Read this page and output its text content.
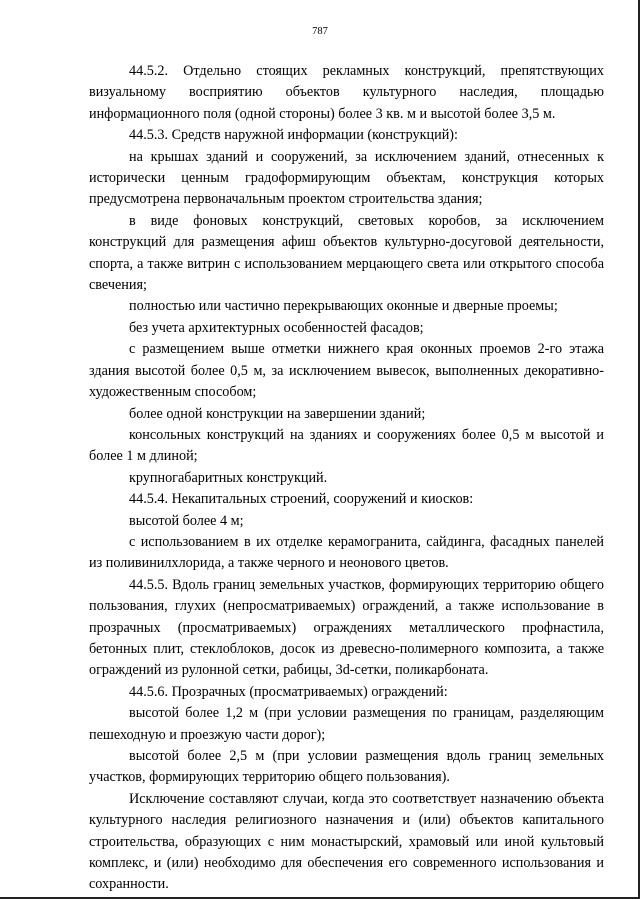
787

44.5.2. Отдельно стоящих рекламных конструкций, препятствующих визуальному восприятию объектов культурного наследия, площадью информационного поля (одной стороны) более 3 кв. м и высотой более 3,5 м.

44.5.3. Средств наружной информации (конструкций):

на крышах зданий и сооружений, за исключением зданий, отнесенных к исторически ценным градоформирующим объектам, конструкция которых предусмотрена первоначальным проектом строительства здания;

в виде фоновых конструкций, световых коробов, за исключением конструкций для размещения афиш объектов культурно-досуговой деятельности, спорта, а также витрин с использованием мерцающего света или открытого способа свечения;

полностью или частично перекрывающих оконные и дверные проемы;

без учета архитектурных особенностей фасадов;

с размещением выше отметки нижнего края оконных проемов 2-го этажа здания высотой более 0,5 м, за исключением вывесок, выполненных декоративно-художественным способом;

более одной конструкции на завершении зданий;

консольных конструкций на зданиях и сооружениях более 0,5 м высотой и более 1 м длиной;

крупногабаритных конструкций.

44.5.4. Некапитальных строений, сооружений и киосков:

высотой более 4 м;

с использованием в их отделке керамогранита, сайдинга, фасадных панелей из поливинилхлорида, а также черного и неонового цветов.

44.5.5. Вдоль границ земельных участков, формирующих территорию общего пользования, глухих (непросматриваемых) ограждений, а также использование в прозрачных (просматриваемых) ограждениях металлического профнастила, бетонных плит, стеклоблоков, досок из древесно-полимерного композита, а также ограждений из рулонной сетки, рабицы, 3d-сетки, поликарбоната.

44.5.6. Прозрачных (просматриваемых) ограждений:

высотой более 1,2 м (при условии размещения по границам, разделяющим пешеходную и проезжую части дорог);

высотой более 2,5 м (при условии размещения вдоль границ земельных участков, формирующих территорию общего пользования).

Исключение составляют случаи, когда это соответствует назначению объекта культурного наследия религиозного назначения и (или) объектов капитального строительства, образующих с ним монастырский, храмовый или иной культовый комплекс, и (или) необходимо для обеспечения его современного использования и сохранности.
